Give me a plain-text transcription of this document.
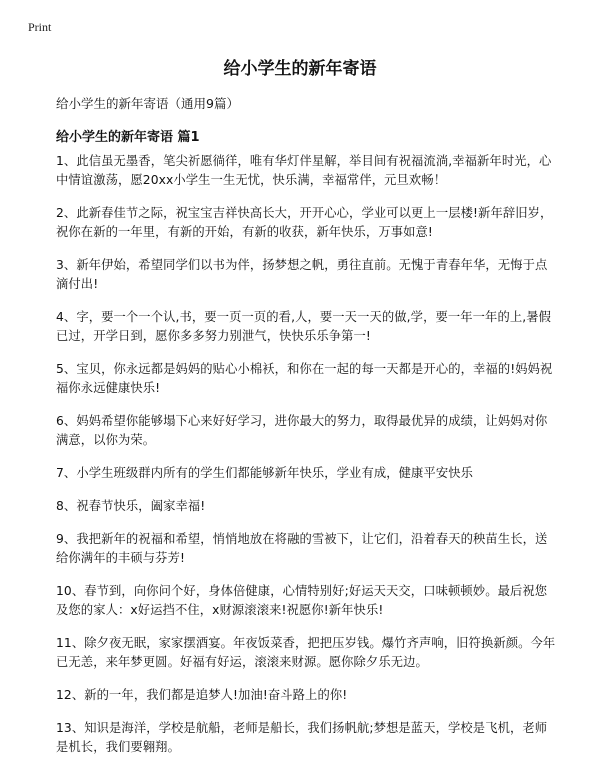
Print
给小学生的新年寄语

给小学生的新年寄语（通用9篇）

给小学生的新年寄语 篇1
1、此信虽无墨香，笔尖祈愿徜徉，唯有华灯伴星解，举目间有祝福流淌,幸福新年时光，心中情谊激荡，愿20xx小学生一生无忧，快乐满，幸福常伴，元旦欢畅！
2、此新春佳节之际，祝宝宝吉祥快高长大，开开心心，学业可以更上一层楼!新年辞旧岁，祝你在新的一年里，有新的开始，有新的收获，新年快乐，万事如意!
3、新年伊始，希望同学们以书为伴，扬梦想之帆，勇往直前。无愧于青春年华，无悔于点滴付出!
4、字，要一个一个认,书，要一页一页的看,人，要一天一天的做,学，要一年一年的上,暑假已过，开学日到，愿你多多努力别泄气，快快乐乐争第一!
5、宝贝，你永远都是妈妈的贴心小棉袄，和你在一起的每一天都是开心的，幸福的!妈妈祝福你永远健康快乐!
6、妈妈希望你能够塌下心来好好学习，进你最大的努力，取得最优异的成绩，让妈妈对你满意，以你为荣。
7、小学生班级群内所有的学生们都能够新年快乐，学业有成，健康平安快乐
8、祝春节快乐，阖家幸福!
9、我把新年的祝福和希望，悄悄地放在将融的雪被下，让它们，沿着春天的秧苗生长，送给你满年的丰硕与芬芳!
10、春节到，向你问个好，身体倍健康，心情特别好;好运天天交，口味顿顿妙。最后祝您及您的家人：x好运挡不住，x财源滚滚来!祝愿你!新年快乐!
11、除夕夜无眠，家家摆酒宴。年夜饭菜香，把把压岁钱。爆竹齐声响，旧符换新颜。今年已无恙，来年梦更圆。好福有好运，滚滚来财源。愿你除夕乐无边。
12、新的一年，我们都是追梦人!加油!奋斗路上的你!
13、知识是海洋，学校是航船，老师是船长，我们扬帆航;梦想是蓝天，学校是飞机，老师是机长，我们要翱翔。
